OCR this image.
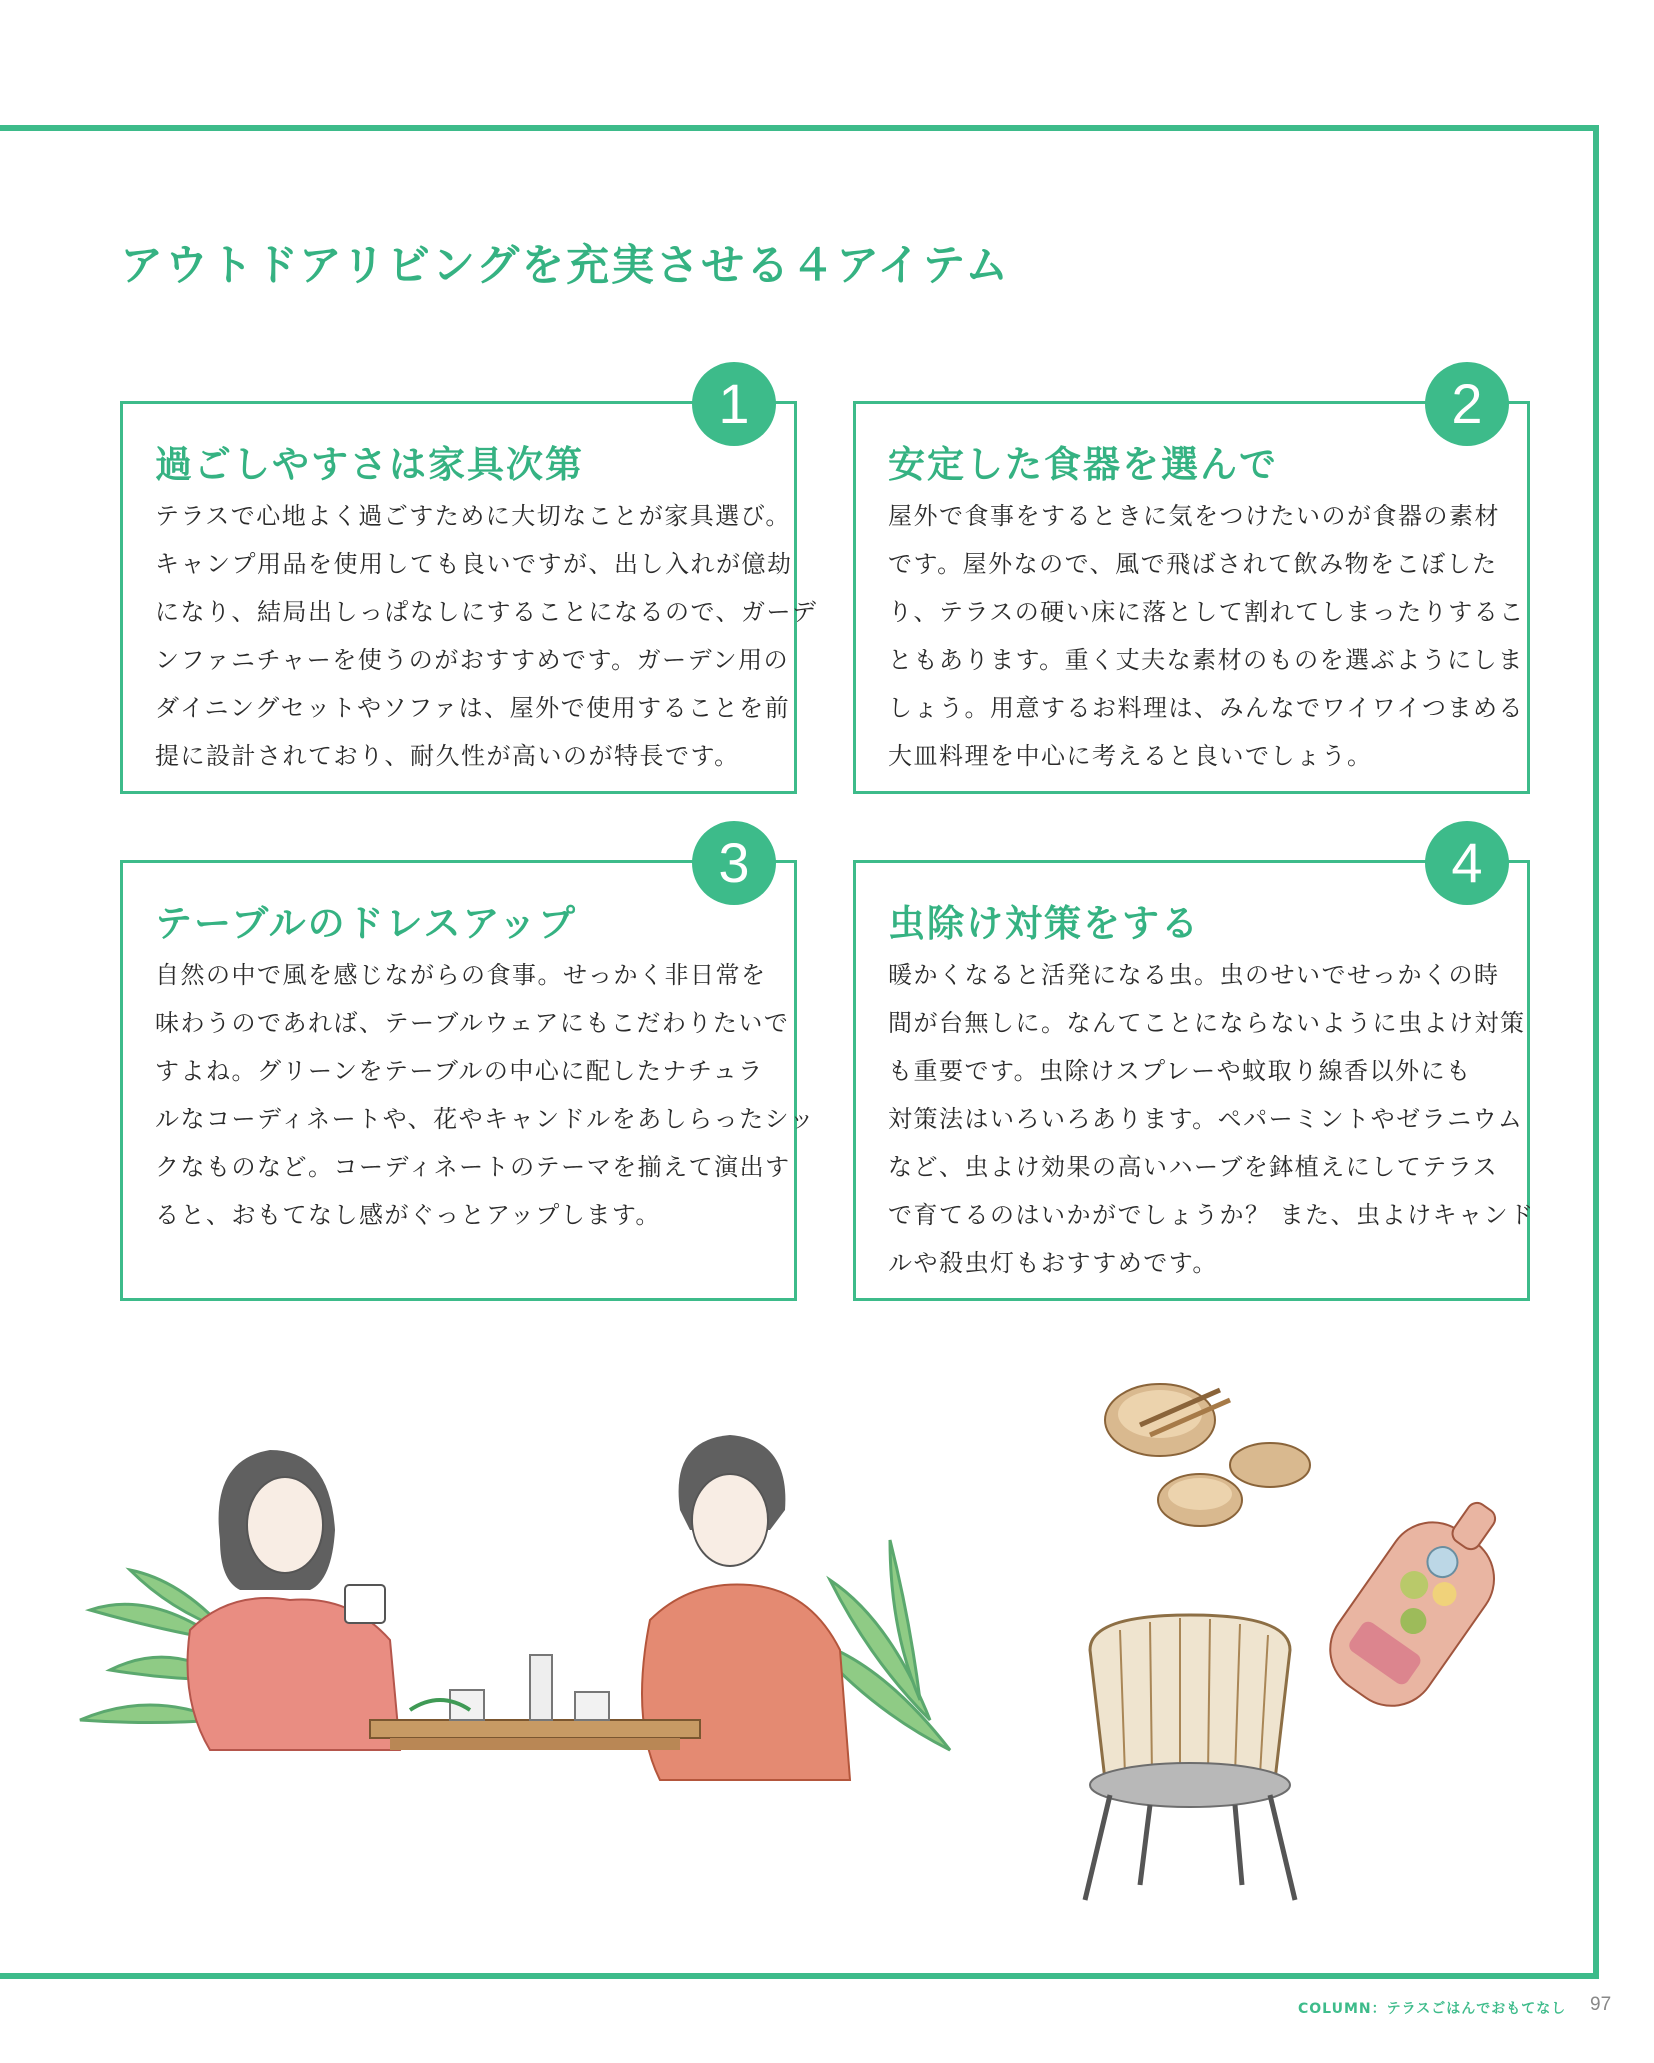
アウトドアリビングを充実させる４アイテム
1
過ごしやすさは家具次第
テラスで心地よく過ごすために大切なことが家具選び。
キャンプ用品を使用しても良いですが、出し入れが億劫
になり、結局出しっぱなしにすることになるので、ガーデ
ンファニチャーを使うのがおすすめです。ガーデン用の
ダイニングセットやソファは、屋外で使用することを前
提に設計されており、耐久性が高いのが特長です。
2
安定した食器を選んで
屋外で食事をするときに気をつけたいのが食器の素材
です。屋外なので、風で飛ばされて飲み物をこぼした
り、テラスの硬い床に落として割れてしまったりするこ
ともあります。重く丈夫な素材のものを選ぶようにしま
しょう。用意するお料理は、みんなでワイワイつまめる
大皿料理を中心に考えると良いでしょう。
3
テーブルのドレスアップ
自然の中で風を感じながらの食事。せっかく非日常を
味わうのであれば、テーブルウェアにもこだわりたいで
すよね。グリーンをテーブルの中心に配したナチュラ
ルなコーディネートや、花やキャンドルをあしらったシッ
クなものなど。コーディネートのテーマを揃えて演出す
ると、おもてなし感がぐっとアップします。
4
虫除け対策をする
暖かくなると活発になる虫。虫のせいでせっかくの時
間が台無しに。なんてことにならないように虫よけ対策
も重要です。虫除けスプレーや蚊取り線香以外にも
対策法はいろいろあります。ペパーミントやゼラニウム
など、虫よけ効果の高いハーブを鉢植えにしてテラス
で育てるのはいかがでしょうか？ また、虫よけキャンド
ルや殺虫灯もおすすめです。
COLUMN：テラスごはんでおもてなし 97
